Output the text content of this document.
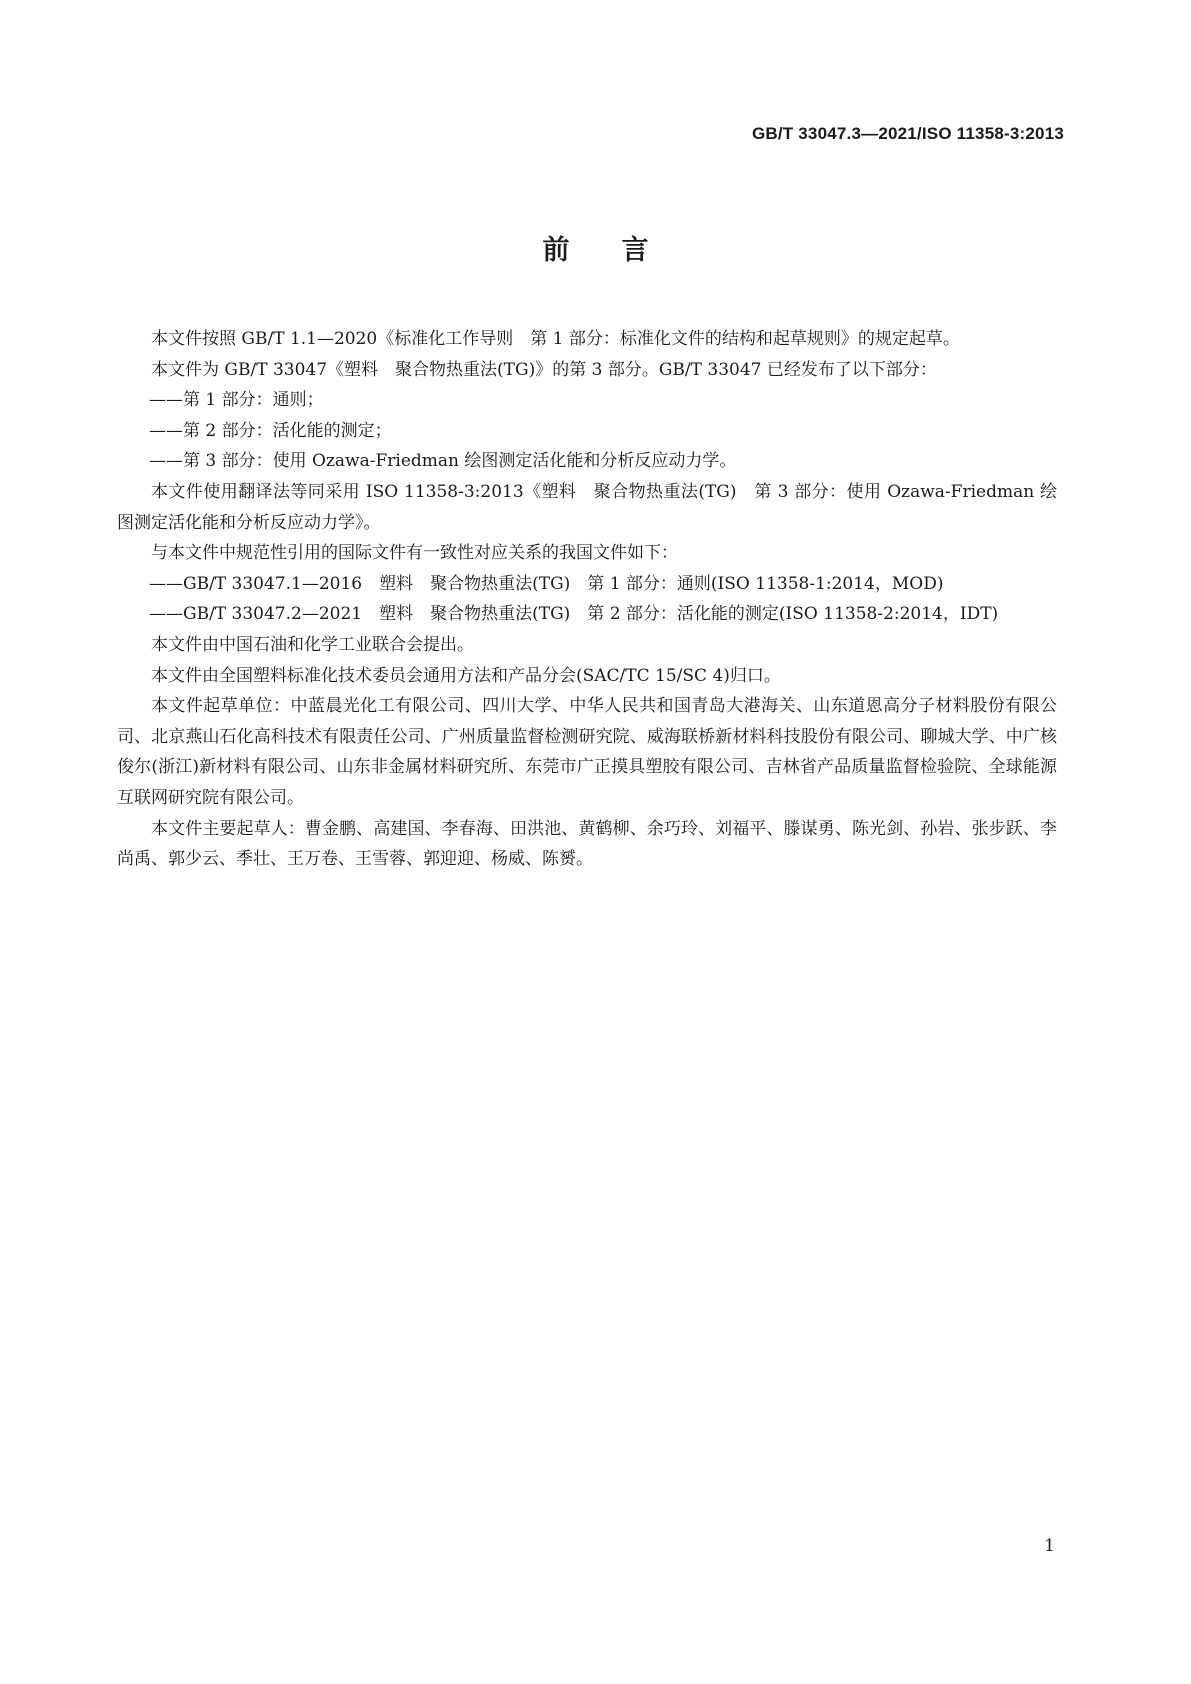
GB/T 33047.3—2021/ISO 11358-3:2013
前 言

本文件按照 GB/T 1.1—2020《标准化工作导则　第 1 部分：标准化文件的结构和起草规则》的规定起草。

本文件为 GB/T 33047《塑料　聚合物热重法(TG)》的第 3 部分。GB/T 33047 已经发布了以下部分：

——第 1 部分：通则；

——第 2 部分：活化能的测定；

——第 3 部分：使用 Ozawa-Friedman 绘图测定活化能和分析反应动力学。

本文件使用翻译法等同采用 ISO 11358-3:2013《塑料　聚合物热重法(TG)　第 3 部分：使用 Ozawa-Friedman 绘图测定活化能和分析反应动力学》。

与本文件中规范性引用的国际文件有一致性对应关系的我国文件如下：

——GB/T 33047.1—2016　塑料　聚合物热重法(TG)　第 1 部分：通则(ISO 11358-1:2014，MOD)

——GB/T 33047.2—2021　塑料　聚合物热重法(TG)　第 2 部分：活化能的测定(ISO 11358-2:2014，IDT)

本文件由中国石油和化学工业联合会提出。

本文件由全国塑料标准化技术委员会通用方法和产品分会(SAC/TC 15/SC 4)归口。

本文件起草单位：中蓝晨光化工有限公司、四川大学、中华人民共和国青岛大港海关、山东道恩高分子材料股份有限公司、北京燕山石化高科技术有限责任公司、广州质量监督检测研究院、威海联桥新材料科技股份有限公司、聊城大学、中广核俊尔(浙江)新材料有限公司、山东非金属材料研究所、东莞市广正摸具塑胶有限公司、吉林省产品质量监督检验院、全球能源互联网研究院有限公司。

本文件主要起草人：曹金鹏、高建国、李春海、田洪池、黄鹤柳、余巧玲、刘福平、滕谋勇、陈光剑、孙岩、张步跃、李尚禹、郭少云、季壮、王万卷、王雪蓉、郭迎迎、杨威、陈赟。

1
